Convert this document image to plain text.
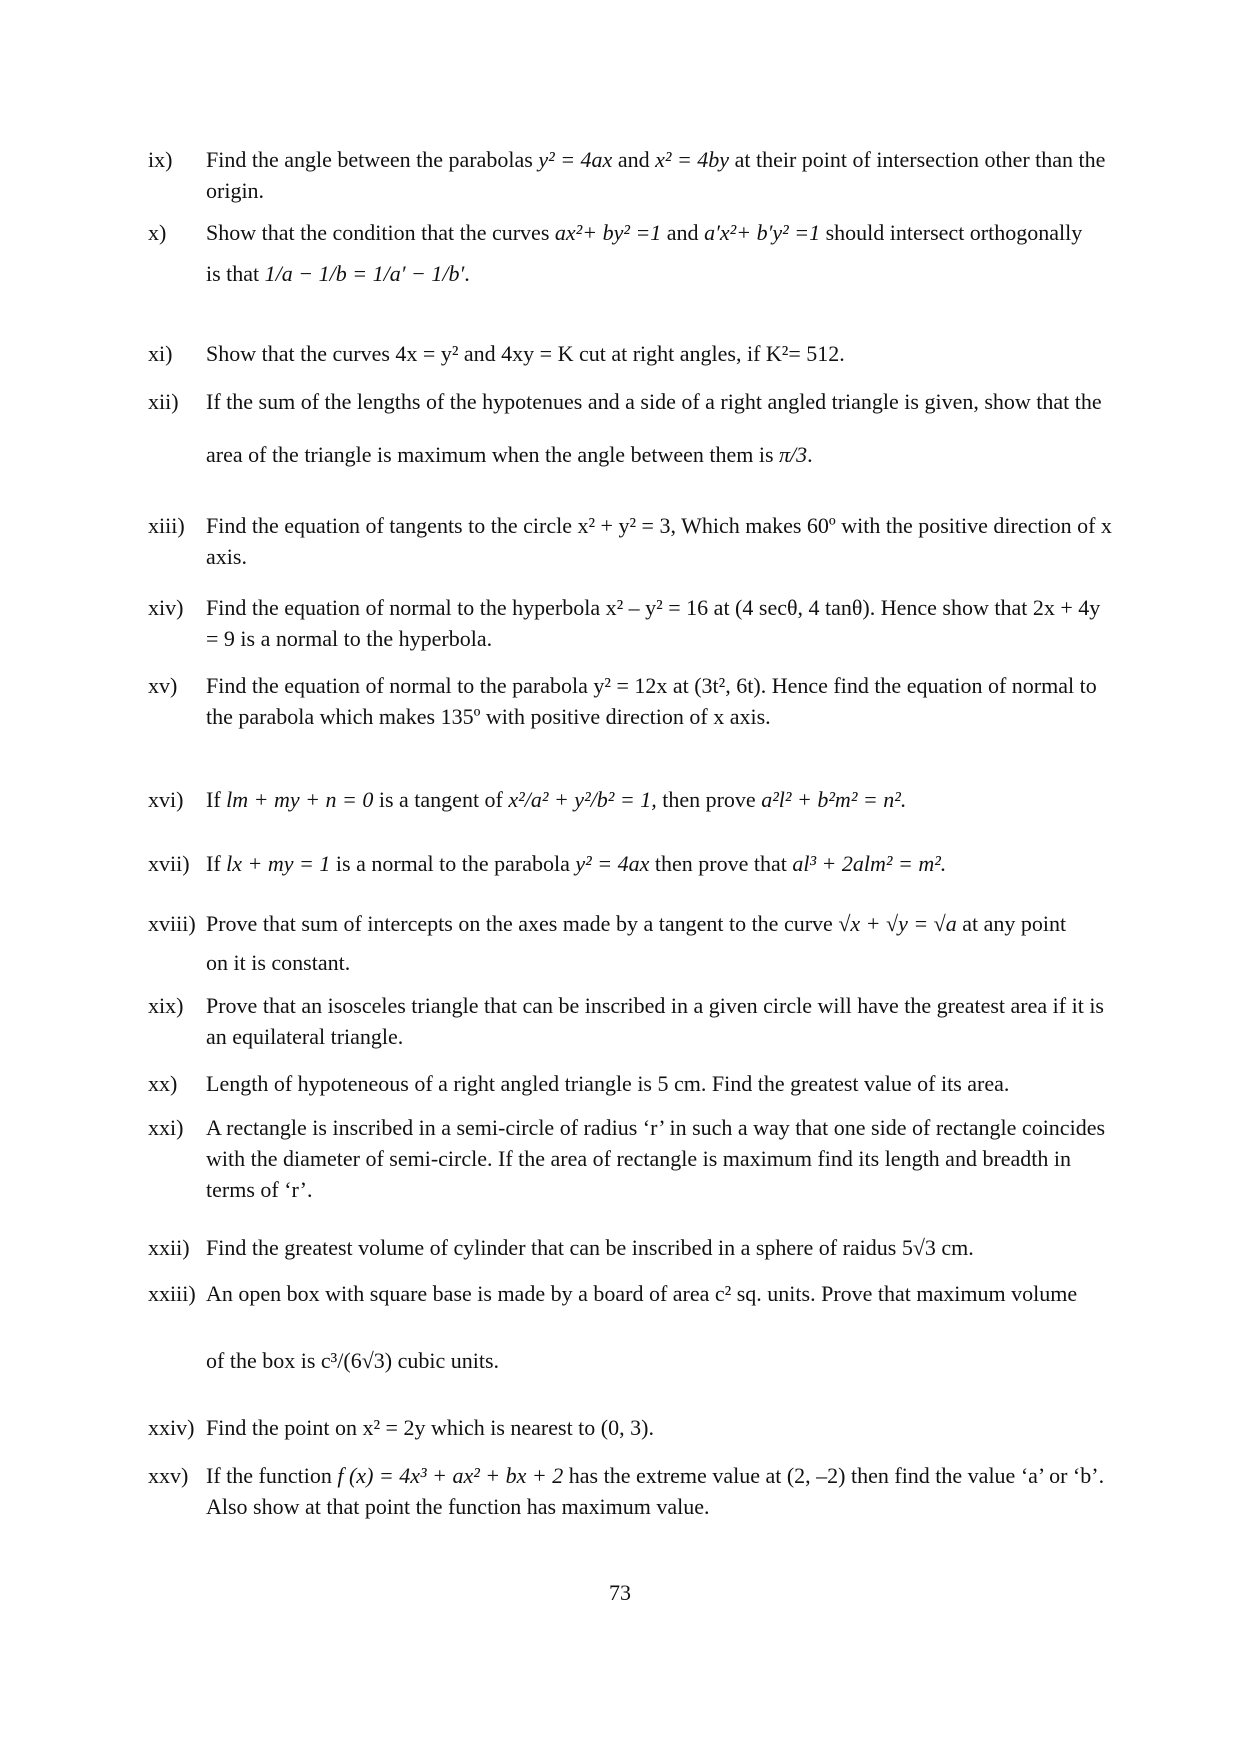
ix)	Find the angle between the parabolas y² = 4ax and x² = 4by at their point of intersection other than the origin.

x)	Show that the condition that the curves ax²+ by² =1 and a′x²+ b′y² =1 should intersect orthogonally

is that 1/a − 1/b = 1/a′ − 1/b′.

xi)	Show that the curves 4x = y² and 4xy = K cut at right angles, if K²= 512.
xii)	If the sum of the lengths of the hypotenues and a side of a right angled triangle is given, show that the

area of the triangle is maximum when the angle between them is π/3.

xiii) Find the equation of tangents to the circle x² + y² = 3, Which makes 60º with the positive direction of x axis.
xiv)	Find the equation of normal to the hyperbola x² – y² = 16 at (4 secθ, 4 tanθ). Hence show that 2x + 4y = 9 is a normal to the hyperbola.
xv)	Find the equation of normal to the parabola y² = 12x at (3t², 6t). Hence find the equation of normal to the parabola which makes 135º with positive direction of x axis.
xvi)	If lm + my + n = 0 is a tangent of x²/a² + y²/b² = 1, then prove a²l² + b²m² = n².

xvii) If lx + my = 1 is a normal to the parabola y² = 4ax then prove that al³ + 2alm² = m².

xviii) Prove that sum of intercepts on the axes made by a tangent to the curve √x + √y = √a at any point

on it is constant.

xix)	Prove that an isosceles triangle that can be inscribed in a given circle will have the greatest area if it is an equilateral triangle.
xx)	Length of hypoteneous of a right angled triangle is 5 cm. Find the greatest value of its area.
xxi)	A rectangle is inscribed in a semi-circle of radius ‘r’ in such a way that one side of rectangle coincides with the diameter of semi-circle. If the area of rectangle is maximum find its length and breadth in terms of ‘r’.
xxii) Find the greatest volume of cylinder that can be inscribed in a sphere of raidus 5√3 cm.

xxiii) An open box with square base is made by a board of area c² sq. units. Prove that maximum volume

of the box is c³/(6√3) cubic units.

xxiv) Find the point on x² = 2y which is nearest to (0, 3).
xxv) If the function f (x) = 4x³ + ax² + bx + 2 has the extreme value at (2, –2) then find the value ‘a’ or ‘b’. Also show at that point the function has maximum value.

73
